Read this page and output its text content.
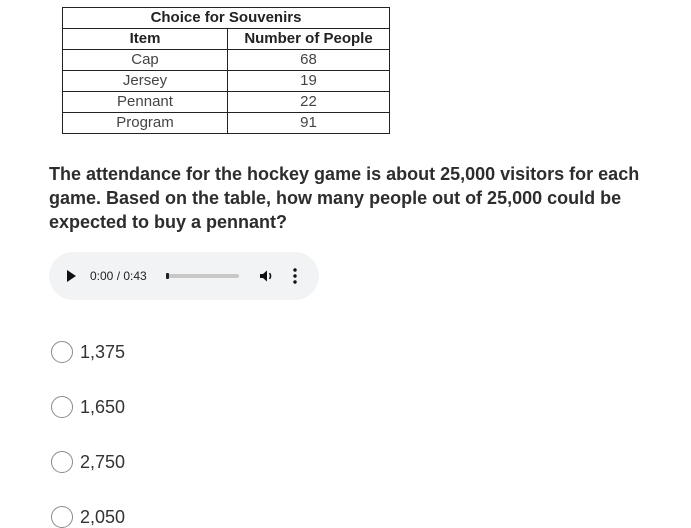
Choice for Souvenirs	
Item	Number of People
Cap	68
Jersey	19
Pennant	22
Program	91

The attendance for the hockey game is about 25,000 visitors for each game. Based on the table, how many people out of 25,000 could be expected to buy a pennant?

0:00 / 0:43
1,375
1,650
2,750
2,050
